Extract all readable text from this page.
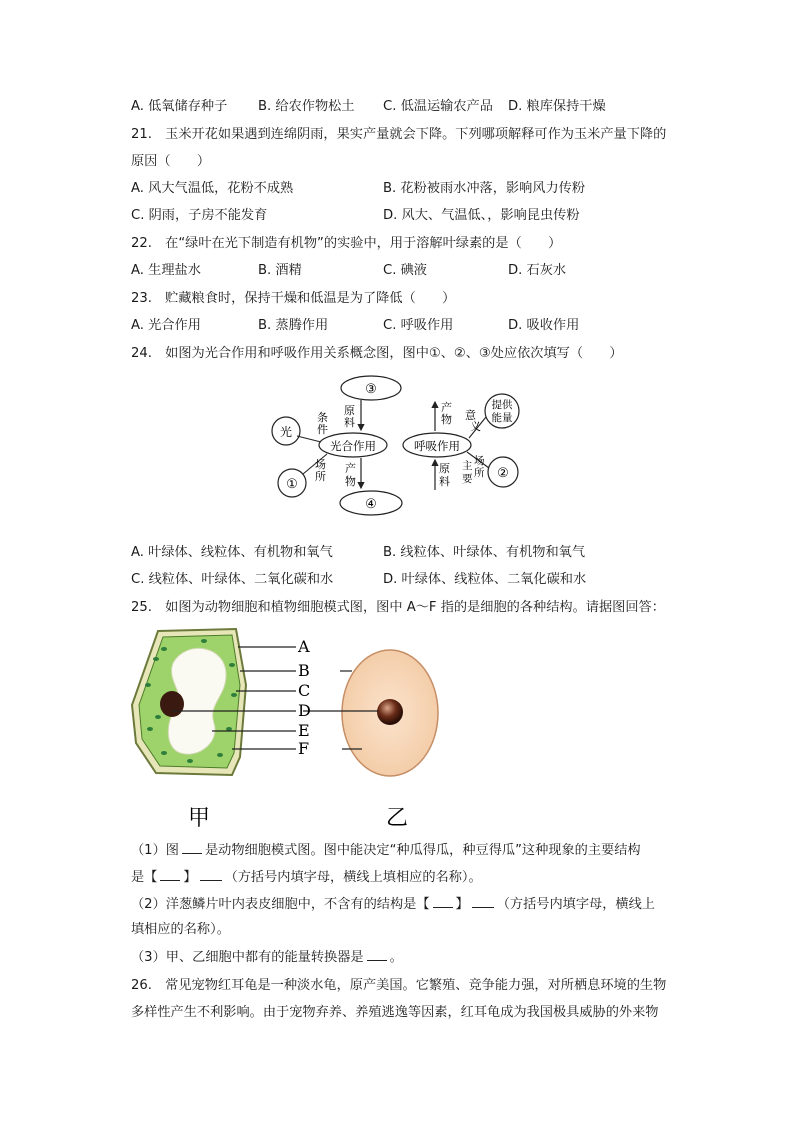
A. 低氧储存种子 B. 给农作物松土 C. 低温运输农产品 D. 粮库保持干燥
21.　玉米开花如果遇到连绵阴雨，果实产量就会下降。下列哪项解释可作为玉米产量下降的
原因（　　）
A. 风大气温低，花粉不成熟	B. 花粉被雨水冲落，影响风力传粉
C. 阴雨，子房不能发育	D. 风大、气温低、，影响昆虫传粉
22.　在“绿叶在光下制造有机物”的实验中，用于溶解叶绿素的是（　　）
A. 生理盐水	B. 酒精	C. 碘液	D. 石灰水
23.　贮藏粮食时，保持干燥和低温是为了降低（　　）
A. 光合作用	B. 蒸腾作用	C. 呼吸作用	D. 吸收作用
24.　如图为光合作用和呼吸作用关系概念图，图中①、②、③处应依次填写（　　）
③
④
光合作用	呼吸作用
光
①
②
提供
能量
条
件
场
所
原
料
产
物
产
物
原
料
意
义
主
要
场
所
A. 叶绿体、线粒体、有机物和氧气	B. 线粒体、叶绿体、有机物和氧气
C. 线粒体、叶绿体、二氧化碳和水	D. 叶绿体、线粒体、二氧化碳和水
25.　如图为动物细胞和植物细胞模式图，图中 A～F 指的是细胞的各种结构。请据图回答：
A
B
C
D
E
F
甲	乙
（1）图 是动物细胞模式图。图中能决定“种瓜得瓜，种豆得瓜”这种现象的主要结构
是【 】 （方括号内填字母，横线上填相应的名称）。
（2）洋葱鳞片叶内表皮细胞中，不含有的结构是【 】 （方括号内填字母，横线上
填相应的名称）。
（3）甲、乙细胞中都有的能量转换器是 。
26.　常见宠物红耳龟是一种淡水龟，原产美国。它繁殖、竞争能力强，对所栖息环境的生物
多样性产生不利影响。由于宠物弃养、养殖逃逸等因素，红耳龟成为我国极具威胁的外来物
